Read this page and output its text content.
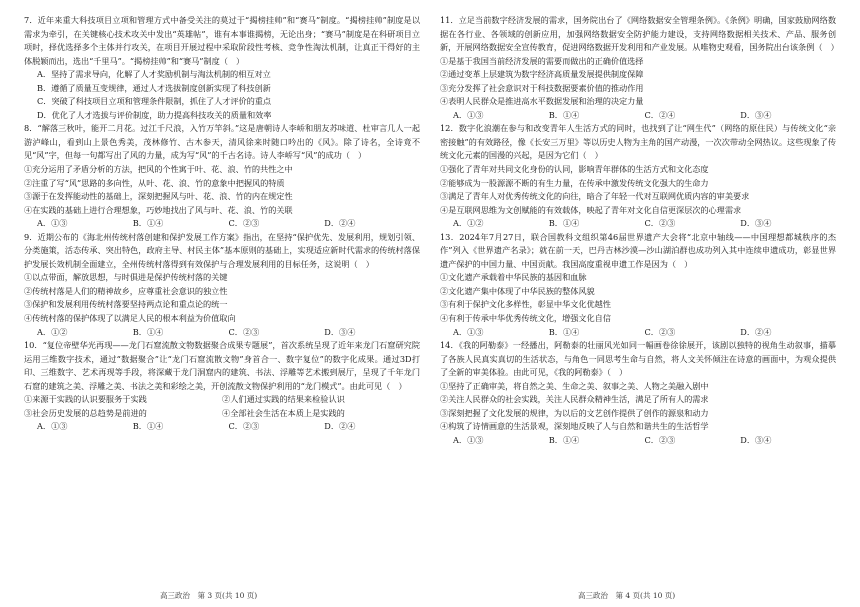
7．近年来重大科技项目立项和管理方式中备受关注的莫过于“揭榜挂帅”和“赛马”制度。“揭榜挂帅”制度是以需求为牵引，在关键核心技术攻关中发出“英雄帖”，谁有本事谁揭榜，无论出身；“赛马”制度是在科研项目立项时，择优选择多个主体并行攻关，在项目开展过程中采取阶段性考核、竞争性淘汰机制，让真正干得好的主体脱颖而出，选出“千里马”。“揭榜挂帅”和“赛马”制度（　）

A．坚持了需求导向，化解了人才奖励机制与淘汰机制的相互对立

B．遵循了质量互变规律，通过人才选拔制度创新实现了科技创新

C．突破了科技项目立项和管理条件限制，抓住了人才评价的重点

D．优化了人才选拔与评价制度，助力提高科技攻关的质量和效率

8．“解落三秋叶，能开二月花。过江千尺浪，入竹万竿斜。”这是唐朝诗人李峤和朋友苏味道、杜审言几人一起游泸峰山，看到山上景色秀美，茂林修竹、古木参天，清风徐来时随口吟出的《风》。除了诗名，全诗竟不见“风”字，但每一句都写出了风的力量，成为写“风”的千古名诗。诗人李峤写“风”的成功（　）

①充分运用了矛盾分析的方法，把风的个性寓于叶、花、浪、竹的共性之中

②注重了写“风”思路的多向性，从叶、花、浪、竹的意象中把握风的特质

③源于在发挥能动性的基础上，深刻把握风与叶、花、浪、竹的内在规定性

④在实践的基础上进行合理想象，巧妙地找出了风与叶、花、浪、竹的关联

A．①③	B．①④	C．②③	D．②④

9．近期公布的《海北州传统村落创建和保护发展工作方案》指出，在坚持“保护优先、发展利用，规划引领、分类施策，活态传承、突出特色，政府主导、村民主体”基本原则的基础上，实现适应新时代需求的传统村落保护发展长效机制全面建立，全州传统村落得到有效保护与合理发展利用的目标任务，这说明（　）

①以点带面，解放思想，与时俱进是保护传统村落的关键

②传统村落是人们的精神故乡，应尊重社会意识的独立性

③保护和发展利用传统村落要坚持两点论和重点论的统一

④传统村落的保护体现了以满足人民的根本利益为价值取向

A．①②	B．①④	C．②③	D．③④

10．“复位帝壁华光再现——龙门石窟流散文物数据聚合成果专题展”，首次系统呈现了近年来龙门石窟研究院运用三维数字技术，通过“数据聚合”让“龙门石窟流散文物”身首合一、数字复位”的数字化成果。通过3D打印、三维数字、艺术再现等手段，将深藏于龙门洞窟内的建筑、书法、浮雕等艺术搬到展厅，呈现了千年龙门石窟的建筑之美、浮雕之美、书法之美和彩绘之美，开创流散文物保护利用的“龙门模式”。由此可见（　）

①来源于实践的认识要服务于实践	②人们通过实践的结果来检验认识
③社会历史发展的总趋势是前进的	④全部社会生活在本质上是实践的
A．①③	B．①④	C．②③	D．②④

11．立足当前数字经济发展的需求，国务院出台了《网络数据安全管理条例》。《条例》明确，国家鼓励网络数据在各行业、各领域的创新应用，加强网络数据安全防护能力建设，支持网络数据相关技术、产品、服务创新，开展网络数据安全宣传教育，促进网络数据开发利用和产业发展。从唯物史观看，国务院出台该条例（　）

①是基于我国当前经济发展的需要而做出的正确价值选择

②通过变革上层建筑为数字经济高质量发展提供制度保障

③充分发挥了社会意识对于科技数据要素价值的推动作用

④表明人民群众是推进高水平数据发展和治理的决定力量

A．①③	B．①④	C．②④	D．③④

12．数字化浪潮在参与和改变青年人生活方式的同时，也找到了让“网生代”（网络的原住民）与传统文化“亲密接触”的有效路径，像《长安三万里》等以历史人物为主角的国产动漫，一次次带动全网热议。这些现象了传统文化元素的国漫的兴起，是因为它们（　）

①强化了青年对共同文化身份的认同，影响青年群体的生活方式和文化态度

②能够成为一股源源不断的有生力量，在传承中激发传统文化强大的生命力

③满足了青年人对优秀传统文化的向往，暗合了年轻一代对互联网优质内容的审美要求

④是互联网思维为文创赋能的有效载体，映起了青年对文化自信更深层次的心理需求

A．①②	B．①④	C．②③	D．③④

13．2024年7月27日，联合国教科文组织第46届世界遗产大会将“北京中轴线——中国理想都城秩序的杰作”列入《世界遗产名录》；就在前一天，巴丹吉林沙漠—沙山湖泊群也成功列入其中连续申遗成功，彰显世界遗产保护的中国力量、中国贡献。我国高度重视申遗工作是因为（　）

①文化遗产承载着中华民族的基因和血脉

②文化遗产集中体现了中华民族的整体风貌

③有利于保护文化多样性，彰显中华文化优越性

④有利于传承中华优秀传统文化，增强文化自信

A．①③	B．①④	C．②③	D．②④

14．《我的阿勒泰》一经播出，阿勒泰的壮丽风光如同一幅画卷徐徐展开，该剧以独特的视角生动叙事，描摹了各族人民真实真切的生活状态，与角色一同思考生命与自然，将人文关怀倾注在诗意的画面中，为观众提供了全新的审美体验。由此可见，《我的阿勒泰》（　）

①坚持了正确审美，将自然之美、生命之美、叙事之美、人物之美融入剧中

②关注人民群众的社会实践，关注人民群众精神生活，满足了所有人的需求

③深刻把握了文化发展的规律，为以后的文艺创作提供了创作的源泉和动力

④构筑了诗情画意的生活景观，深刻地反映了人与自然和谐共生的生活哲学

A．①③	B．①④	C．②③	D．③④
高三政治　第 3 页(共 10 页)	高三政治　第 4 页(共 10 页)
